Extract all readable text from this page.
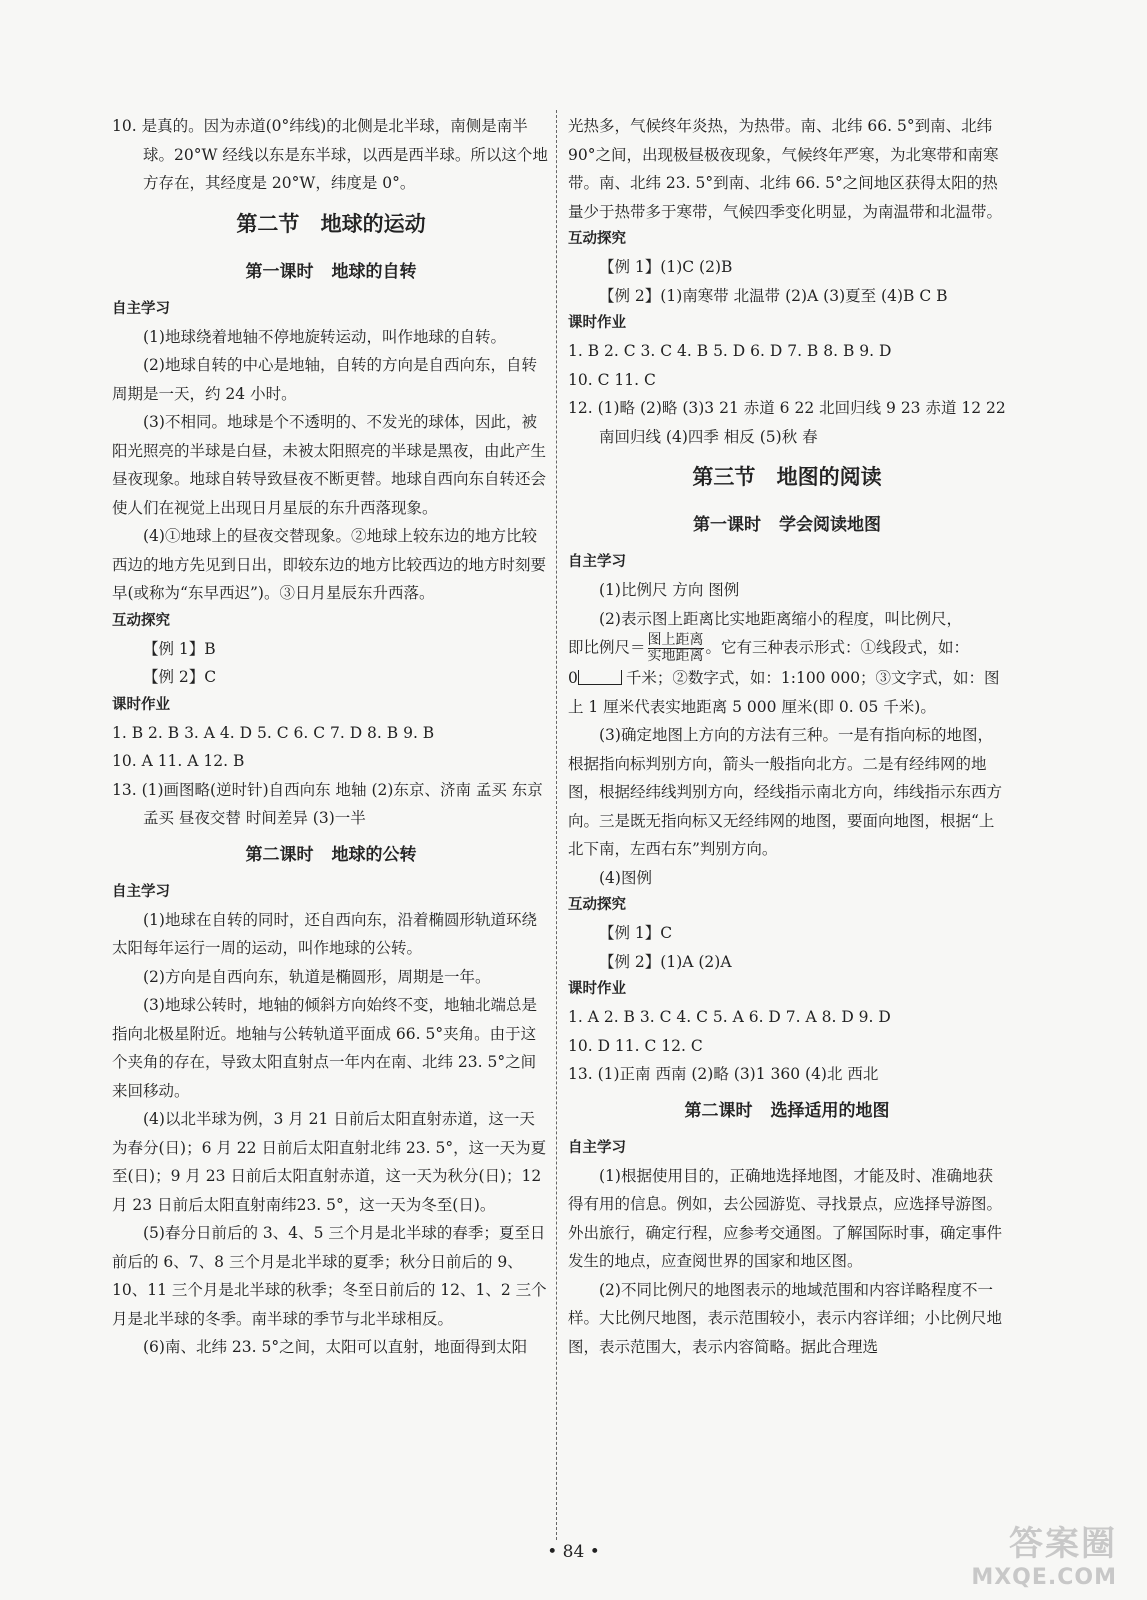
10. 是真的。因为赤道(0°纬线)的北侧是北半球，南侧是南半球。20°W 经线以东是东半球，以西是西半球。所以这个地方存在，其经度是 20°W，纬度是 0°。

第二节 地球的运动

第一课时 地球的自转

自主学习

(1)地球绕着地轴不停地旋转运动，叫作地球的自转。

(2)地球自转的中心是地轴，自转的方向是自西向东，自转周期是一天，约 24 小时。

(3)不相同。地球是个不透明的、不发光的球体，因此，被阳光照亮的半球是白昼，未被太阳照亮的半球是黑夜，由此产生昼夜现象。地球自转导致昼夜不断更替。地球自西向东自转还会使人们在视觉上出现日月星辰的东升西落现象。

(4)①地球上的昼夜交替现象。②地球上较东边的地方比较西边的地方先见到日出，即较东边的地方比较西边的地方时刻要早(或称为“东早西迟”)。③日月星辰东升西落。

互动探究

【例 1】B

【例 2】C

课时作业

1. B 2. B 3. A 4. D 5. C 6. C 7. D 8. B 9. B

10. A 11. A 12. B

13. (1)画图略(逆时针)自西向东 地轴 (2)东京、济南 孟买 东京 孟买 昼夜交替 时间差异 (3)一半

第二课时 地球的公转

自主学习

(1)地球在自转的同时，还自西向东，沿着椭圆形轨道环绕太阳每年运行一周的运动，叫作地球的公转。

(2)方向是自西向东，轨道是椭圆形，周期是一年。

(3)地球公转时，地轴的倾斜方向始终不变，地轴北端总是指向北极星附近。地轴与公转轨道平面成 66. 5°夹角。由于这个夹角的存在，导致太阳直射点一年内在南、北纬 23. 5°之间来回移动。

(4)以北半球为例，3 月 21 日前后太阳直射赤道，这一天为春分(日)；6 月 22 日前后太阳直射北纬 23. 5°，这一天为夏至(日)；9 月 23 日前后太阳直射赤道，这一天为秋分(日)；12 月 23 日前后太阳直射南纬23. 5°，这一天为冬至(日)。

(5)春分日前后的 3、4、5 三个月是北半球的春季；夏至日前后的 6、7、8 三个月是北半球的夏季；秋分日前后的 9、10、11 三个月是北半球的秋季；冬至日前后的 12、1、2 三个月是北半球的冬季。南半球的季节与北半球相反。

(6)南、北纬 23. 5°之间，太阳可以直射，地面得到太阳

光热多，气候终年炎热，为热带。南、北纬 66. 5°到南、北纬 90°之间，出现极昼极夜现象，气候终年严寒，为北寒带和南寒带。南、北纬 23. 5°到南、北纬 66. 5°之间地区获得太阳的热量少于热带多于寒带，气候四季变化明显，为南温带和北温带。

互动探究

【例 1】(1)C (2)B

【例 2】(1)南寒带 北温带 (2)A (3)夏至 (4)B C B

课时作业

1. B 2. C 3. C 4. B 5. D 6. D 7. B 8. B 9. D

10. C 11. C

12. (1)略 (2)略 (3)3 21 赤道 6 22 北回归线 9 23 赤道 12 22 南回归线 (4)四季 相反 (5)秋 春

第三节 地图的阅读

第一课时 学会阅读地图

自主学习

(1)比例尺 方向 图例

(2)表示图上距离比实地距离缩小的程度，叫比例尺，

即比例尺＝ $\frac{\text{图上距离}}{\text{实地距离}}$ 。它有三种表示形式：①线段式，如：

0	千米；②数字式，如：1:100 000；③文字式，如：图上 1 厘米代表实地距离 5 000 厘米(即 0. 05 千米)。

(3)确定地图上方向的方法有三种。一是有指向标的地图，根据指向标判别方向，箭头一般指向北方。二是有经纬网的地图，根据经纬线判别方向，经线指示南北方向，纬线指示东西方向。三是既无指向标又无经纬网的地图，要面向地图，根据“上北下南，左西右东”判别方向。

(4)图例

互动探究

【例 1】C

【例 2】(1)A (2)A

课时作业

1. A 2. B 3. C 4. C 5. A 6. D 7. A 8. D 9. D

10. D 11. C 12. C

13. (1)正南 西南 (2)略 (3)1 360 (4)北 西北

第二课时 选择适用的地图

自主学习

(1)根据使用目的，正确地选择地图，才能及时、准确地获得有用的信息。例如，去公园游览、寻找景点，应选择导游图。外出旅行，确定行程，应参考交通图。了解国际时事，确定事件发生的地点，应查阅世界的国家和地区图。

(2)不同比例尺的地图表示的地域范围和内容详略程度不一样。大比例尺地图，表示范围较小，表示内容详细；小比例尺地图，表示范围大，表示内容简略。据此合理选

• 84 •	答案圈
MXQE.COM
